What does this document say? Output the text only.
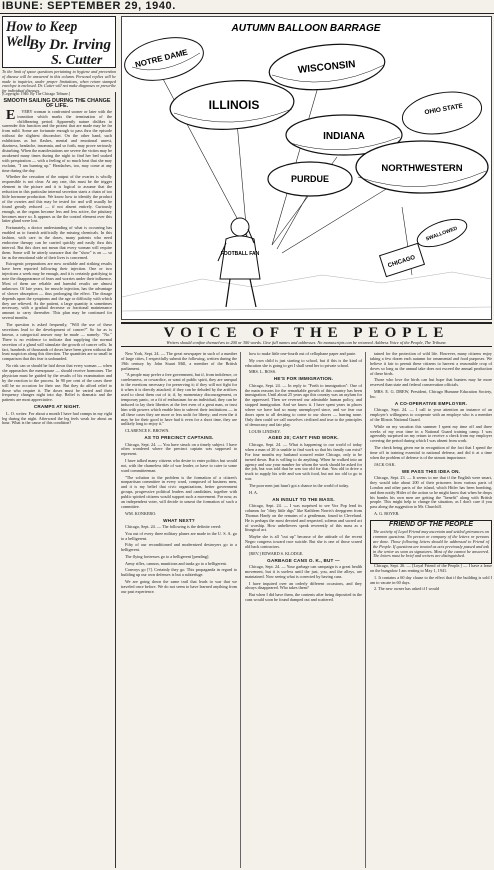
IBUNE: SEPTEMBER 29, 1940.
How to Keep Well
By Dr. Irving
S. Cutter
To the limit of space questions pertaining to hygiene and prevention of disease will be answered in this column. Personal replies will be made to inquiries, under proper limitations, when return stamped envelope is enclosed. Dr. Cutter will not make diagnoses or prescribe for individual diseases.
[Copyright: 1940: By The Chicago Tribune.]
SMOOTH SAILING DURING THE CHANGE OF LIFE.

E VERY woman is confronted sooner or later with the transition which marks the termination of the childbearing period. Apparently nature dislikes to surrender this function and the protest that are made may be far from mild. Some are fortunate enough to pass thru the episode without the slightest discomfort. On the other hand, such exhibitions as hot flashes, mental and emotional unrest, dizziness, headache, insomnia, and so forth, may prove seriously disturbing. When the manifestations are severe the victim may be awakened many times during the night to find her bed soaked with perspiration — with a feeling of so much heat that she may exclaim, "I am burning up." Headaches, too, may come at any time during the day.

Whether the cessation of the output of the ovaries is wholly responsible is not clear. At any rate, this must be the trigger element in the picture and it is logical to assume that the reduction in this particular internal secretion starts a chain of too little hormone production. We know how to identify the product of the ovaries and this may be tested for and will usually be found greatly reduced — if not absent entirely. Curiously enough, as the organs become less and less active, the pituitary becomes more so. It appears as the the control element over this latter gland were lost.

Fortunately, a doctor understanding of what is occurring has enabled us to furnish artificially the missing chemicals. In this fashion, with care in the doses, many patients who need endocrine therapy can be carried quickly and easily thru this interval. But this does not mean that every woman will require them. Some will be utterly unaware that the "show" is on — so far as the emotional side of their lives is concerned.

Estrogenic preparations are now available and striking results have been reported following their injection. One or two injections a week may be enough, and it is certainly gratifying to note the disappearance of fears and worries under their influence. Most of them are reliable and harmful results are almost unknown. Of late years, for muscle injection, has the advantage of slower absorption — thus prolonging the effect. The dosage depends upon the symptoms and the age or difficulty with which they are relieved. As the patient, a large quantity is sometimes necessary, with a gradual decrease or fractional maintenance amount to carry thereafter. This plan may be continued for several months.

The question is asked frequently, "Will the use of these secretions lead to the development of cancer?" So far as is known, a categorical answer may be made — namely: "No." There is no evidence to indicate that supplying the normal secretion of a gland will stimulate the growth of cancer cells. In fact, hundreds of thousands of doses have been given without the least suspicion along this direction. The quantities are so small in comparison that this fear is unfounded.

No risk can or should be laid down that every woman — when she approaches the menopause — should receive hormones. The physician must be guided by the results of his examination and by the reaction to the process. In 90 per cent of the cases there will be no occasion for their use. But they do afford relief to those who require it. The doses must be varied and their frequency changes night into day. Relief is dramatic and the patients are most appreciative.

CRAMPS AT NIGHT.

L. O. writes: For about a month I have had cramps in my right leg during the night. Afterward the leg feels weak for about an hour. What is the cause of this condition?

AUTUMN BALLOON BARRAGE
NOTRE DAME
ILLINOIS
WISCONSIN
INDIANA
OHIO STATE
PURDUE
NORTHWESTERN
FOOTBALL FAN
CHICAGO
SWALLOWED
VOICE OF THE PEOPLE
Writers should confine themselves to 200 or 300 words. Give full names and addresses. No manuscripts can be returned. Address Voice of the People, The Tribune.

New York, Sept. 24. — The great newspaper in such of a number of large cities, I respectfully submit the following, written during the 19th century by John Stuart Mill, a member of the British parliament.

"A people may prefer a free government, but if, from indolence, or carelessness, or cowardice, or want of public spirit, they are unequal to the exertions necessary for preserving it; if they will not fight for it when it is directly attacked; if they can be deluded by the artifices used to cheat them out of it; if, by momentary discouragement, or temporary panic, or a fit of enthusiasm for an individual, they can be induced to lay their liberties at the feet even of a great man, or trust him with powers which enable him to subvert their institutions — in all these cases they are more or less unfit for liberty; and even the it may be for their good to have had it even for a short time, they are unlikely long to enjoy it."

CLARENCE E. BROWN.

AS TO PRECINCT CAPTAINS.

Chicago, Sept. 24. — You have struck on a timely subject. I have often wondered where the precinct captain was supposed to represent.

I have talked many citizens who desire to enter politics but would not, with the chameless title of war leader, or have to cater to some ward committeeman.

"The solution to the problem is the formation of a citizen's nonpartisan committee in every ward, composed of business men, and it is my belief that civic organizations, better government groups, progressive political leaders and candidates, together with public spirited citizens would support such a movement. For now, as an independent voter, will decide to unseat the formation of such a committee.

WM. KONKERO.

WHAT NEXT?

Chicago, Sept. 24. — The following is the definite creed:

You out of every three military planes are made in the U. S. A. go to a belligerent.

Fifty of our reconditioned and modernized destroyers go to a belligerent.

The flying fortresses go to a belligerent [pending].

Army rifles, cannon, munitions and tanks go to a belligerent.

Convoys go [?]. Certainly they go. This propaganda in regard to building up our own defenses is but a subterfuge.

We are going down the same trail that leads to war that we traveled once before. We do not seem to have learned anything from our past experience.

how to make little one-fourth out of cellophane paper and paste.

My own child is just starting to school, but if this is the kind of education she is going to get I shall send her to private school.

MRS. L. ROSS.

HE'S FOR IMMIGRATION.

Chicago, Sept. 24. — In reply to "Forth to immigration": One of the main reasons for the remarkable growth of this country has been immigration. Until about 25 years ago this country was an asylum for the oppressed. Then we reversed our admirable human policy, and stopped immigration. And we know it. I have spent years in places where we have had so many unemployed since, and we fear our doors open to all desiring to come to our shores — barring none. Only then could we call ourselves civilized and true to the principles of democracy and fair play.

LOUIS LINDSEY.

AGED 20; CAN'T FIND WORK.

Chicago, Sept. 24. — What is happening to our world of today when a man of 20 is unable to find work so that his family can exist? For four months my husband scoured entire Chicago, only to be turned down. But is willing to do anything. When he walked into an agency and saw your number for whom the work should be asked for the job, but was told that he was too old for that. You old to drive a truck to supply his wife and son with food, but not too old to go to war.

The poor men just hasn't got a chance in the world of today.

H. A.

AN INSULT TO THE MASS.

Chicago, Sept. 24. — I was surprised to see Vox Pop lend its columns for "dirty little digs" like Kathleen Norris's deepgreen from Thomas Hardy on the remains of a gentleman, found in Cleveland. He is perhaps the most devoted and respected, solemn and sacred act of worship. How unbelievers speak reverently of this mass as a liturgical act.

Maybe she is all "out up" because of the attitude of the recent Negro congress toward race suicide. But she is one of those scared old back contractors.

[REV.] EDWARD S. KLODGE.

GARBAGE CANS O. K., BUT —

Chicago, Sept. 24. — Your garbage can campaign is a great health movement, but it is useless until the just, you, and the alleys, are maintained. Now seeing what is corrected by having cans.

I have inquired over an orderly different occasions, and they always disappeared. Who takes them?

But when I did have them, the contents after being deposited in the cans would soon be found dumped out and scattered.

tained for the protection of wild life. However, many citizens enjoy taking a few dozen each autumn for ornamental and food purposes. We believe it fair to permit these citizens to harvest a reasonable crop of doves so long as the annual take does not exceed the annual production of these birds.

Those who love the birds can but hope that hunters may be more reserved than state and federal conservation officials.

MRS. E. G. DREW, President, Chicago Humane Education Society, Inc.

A CO-OPERATIVE EMPLOYER.

Chicago, Sept. 24. — I call to your attention an instance of an employer's willingness to cooperate with an employe who is a member of the Illinois National Guard.

While on my vacation this summer I spent my time off and three weeks of my own time in a National Guard training camp. I was agreeably surprised on my return to receive a check from my employer covering the period during which I was absent from work.

The check being given me in recognition of the fact that I spend the time off in training essential to national defense, and did it at a time when the problem of defense is of the utmost importance.

JACK OAK.

WE PASS THIS IDEA ON.

Chicago, Sept. 23. — It seems to me that if the English were smart, they would take about 200 of their prisoners from various parts of London and other parts of the island, which Hitler has been bombing, and then notify Hitler of the action so he might know that when he drops his bombs his own men are getting the "benefit" along with British people. This might help to change the situation, as I don't care if you pass along the suggestion to Mr. Churchill.

A. G. BOYER.

FRIEND OF THE PEOPLE

The activity of Loyal Friend may ascertain and settled grievances on common questions. No person or company of the letters or persons are done. Those following letters should be addressed to Friend of the People. If questions are treated as acts previously passed and ask in the writer as soon as signatures. Most of the cannot be answered. The letters must be brief and writers are distinguished.

Chicago, Sept. 26. — [Loyal Friend of the People.] — I have a lease on the bungalow I am renting to May 1, 1941.

1. It contains a 60 day clause to the effect that if the building is sold I am to vacate in 60 days.

2. The new owner has asked if I would
